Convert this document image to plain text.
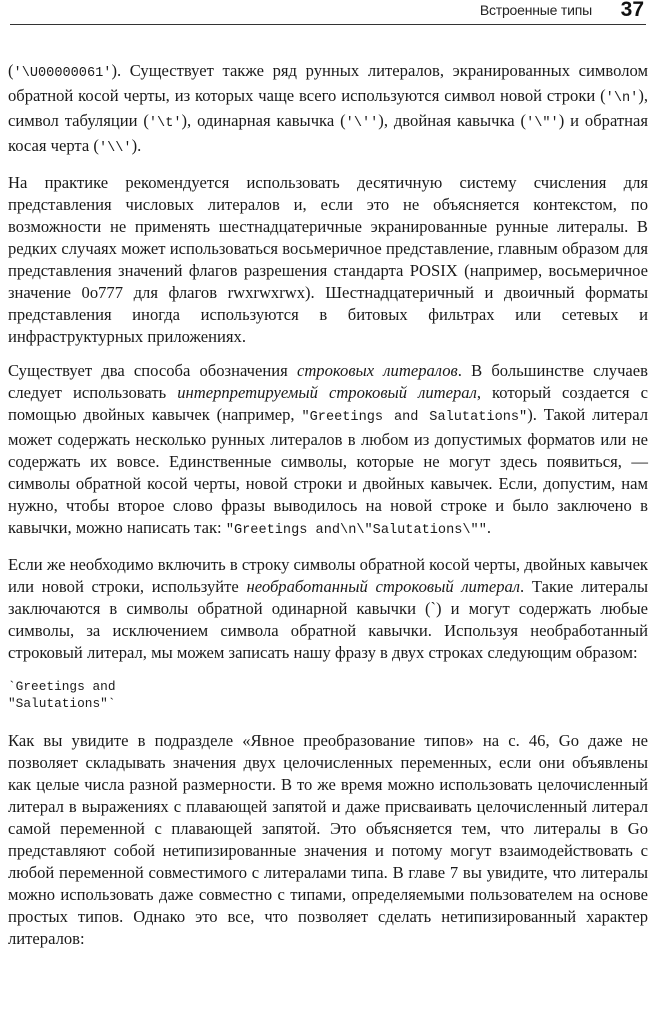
Встроенные типы 37

('\U00000061'). Существует также ряд рунных литералов, экранированных символом обратной косой черты, из которых чаще всего используются символ новой строки ('\n'), символ табуляции ('\t'), одинарная кавычка ('\''), двойная кавычка ('\"') и обратная косая черта ('\\').

На практике рекомендуется использовать десятичную систему счисления для представления числовых литералов и, если это не объясняется контекстом, по возможности не применять шестнадцатеричные экранированные рунные литералы. В редких случаях может использоваться восьмеричное представление, главным образом для представления значений флагов разрешения стандарта POSIX (например, восьмеричное значение 0o777 для флагов rwxrwxrwx). Шестнадцатеричный и двоичный форматы представления иногда используются в битовых фильтрах или сетевых и инфраструктурных приложениях.

Существует два способа обозначения строковых литералов. В большинстве случаев следует использовать интерпретируемый строковый литерал, который создается с помощью двойных кавычек (например, "Greetings and Salutations"). Такой литерал может содержать несколько рунных литералов в любом из допустимых форматов или не содержать их вовсе. Единственные символы, которые не могут здесь появиться, — символы обратной косой черты, новой строки и двойных кавычек. Если, допустим, нам нужно, чтобы второе слово фразы выводилось на новой строке и было заключено в кавычки, можно написать так: "Greetings and\n\"Salutations\"".

Если же необходимо включить в строку символы обратной косой черты, двойных кавычек или новой строки, используйте необработанный строковый литерал. Такие литералы заключаются в символы обратной одинарной кавычки (`) и могут содержать любые символы, за исключением символа обратной кавычки. Используя необработанный строковый литерал, мы можем записать нашу фразу в двух строках следующим образом:

`Greetings and
"Salutations"`

Как вы увидите в подразделе «Явное преобразование типов» на с. 46, Go даже не позволяет складывать значения двух целочисленных переменных, если они объявлены как целые числа разной размерности. В то же время можно использовать целочисленный литерал в выражениях с плавающей запятой и даже присваивать целочисленный литерал самой переменной с плавающей запятой. Это объясняется тем, что литералы в Go представляют собой нетипизированные значения и потому могут взаимодействовать с любой переменной совместимого с литералами типа. В главе 7 вы увидите, что литералы можно использовать даже совместно с типами, определяемыми пользователем на основе простых типов. Однако это все, что позволяет сделать нетипизированный характер литералов:
